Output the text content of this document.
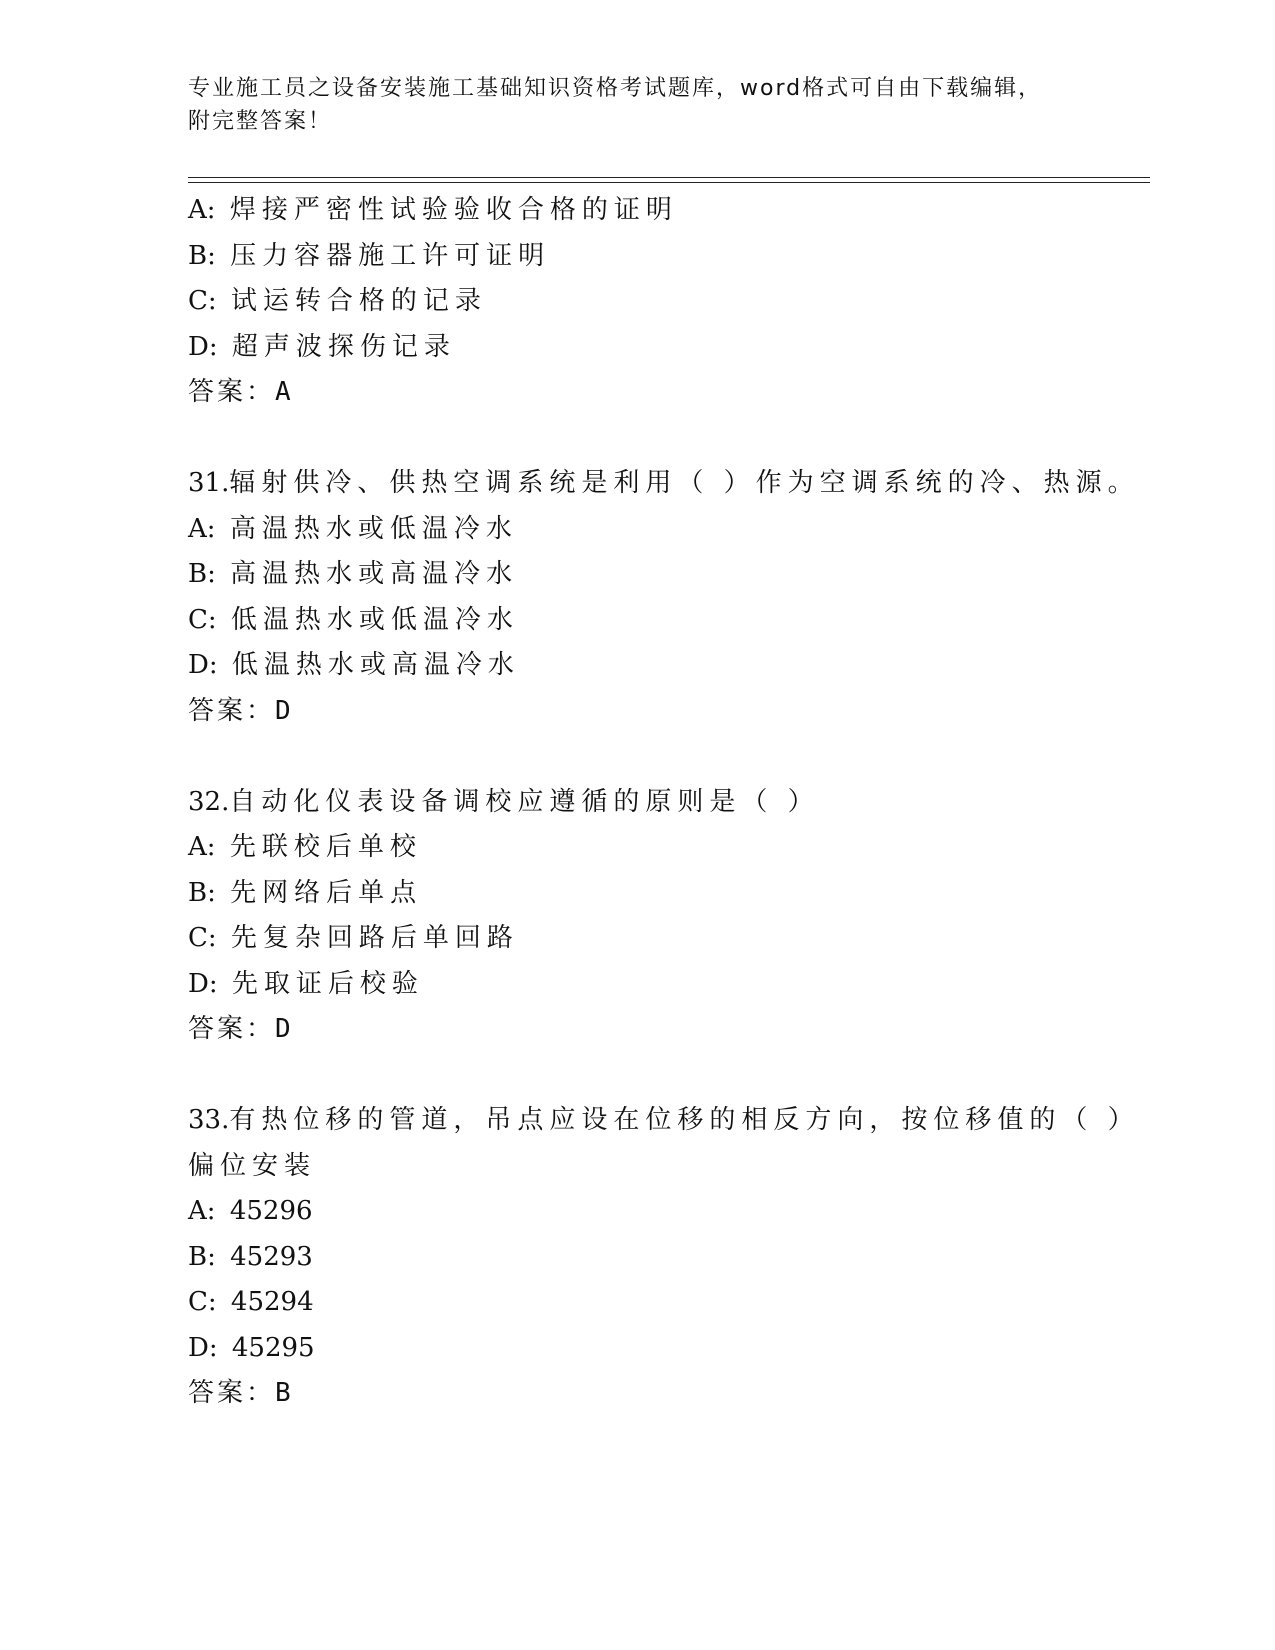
专业施工员之设备安装施工基础知识资格考试题库，word格式可自由下载编辑，
附完整答案！
A: 焊接严密性试验验收合格的证明
B: 压力容器施工许可证明
C: 试运转合格的记录
D: 超声波探伤记录
答案：A
31.辐射供冷、供热空调系统是利用（ ）作为空调系统的冷、热源。
A: 高温热水或低温冷水
B: 高温热水或高温冷水
C: 低温热水或低温冷水
D: 低温热水或高温冷水
答案：D
32.自动化仪表设备调校应遵循的原则是（ ）
A: 先联校后单校
B: 先网络后单点
C: 先复杂回路后单回路
D: 先取证后校验
答案：D
33.有热位移的管道，吊点应设在位移的相反方向，按位移值的（ ）
偏位安装
A: 45296
B: 45293
C: 45294
D: 45295
答案：B
